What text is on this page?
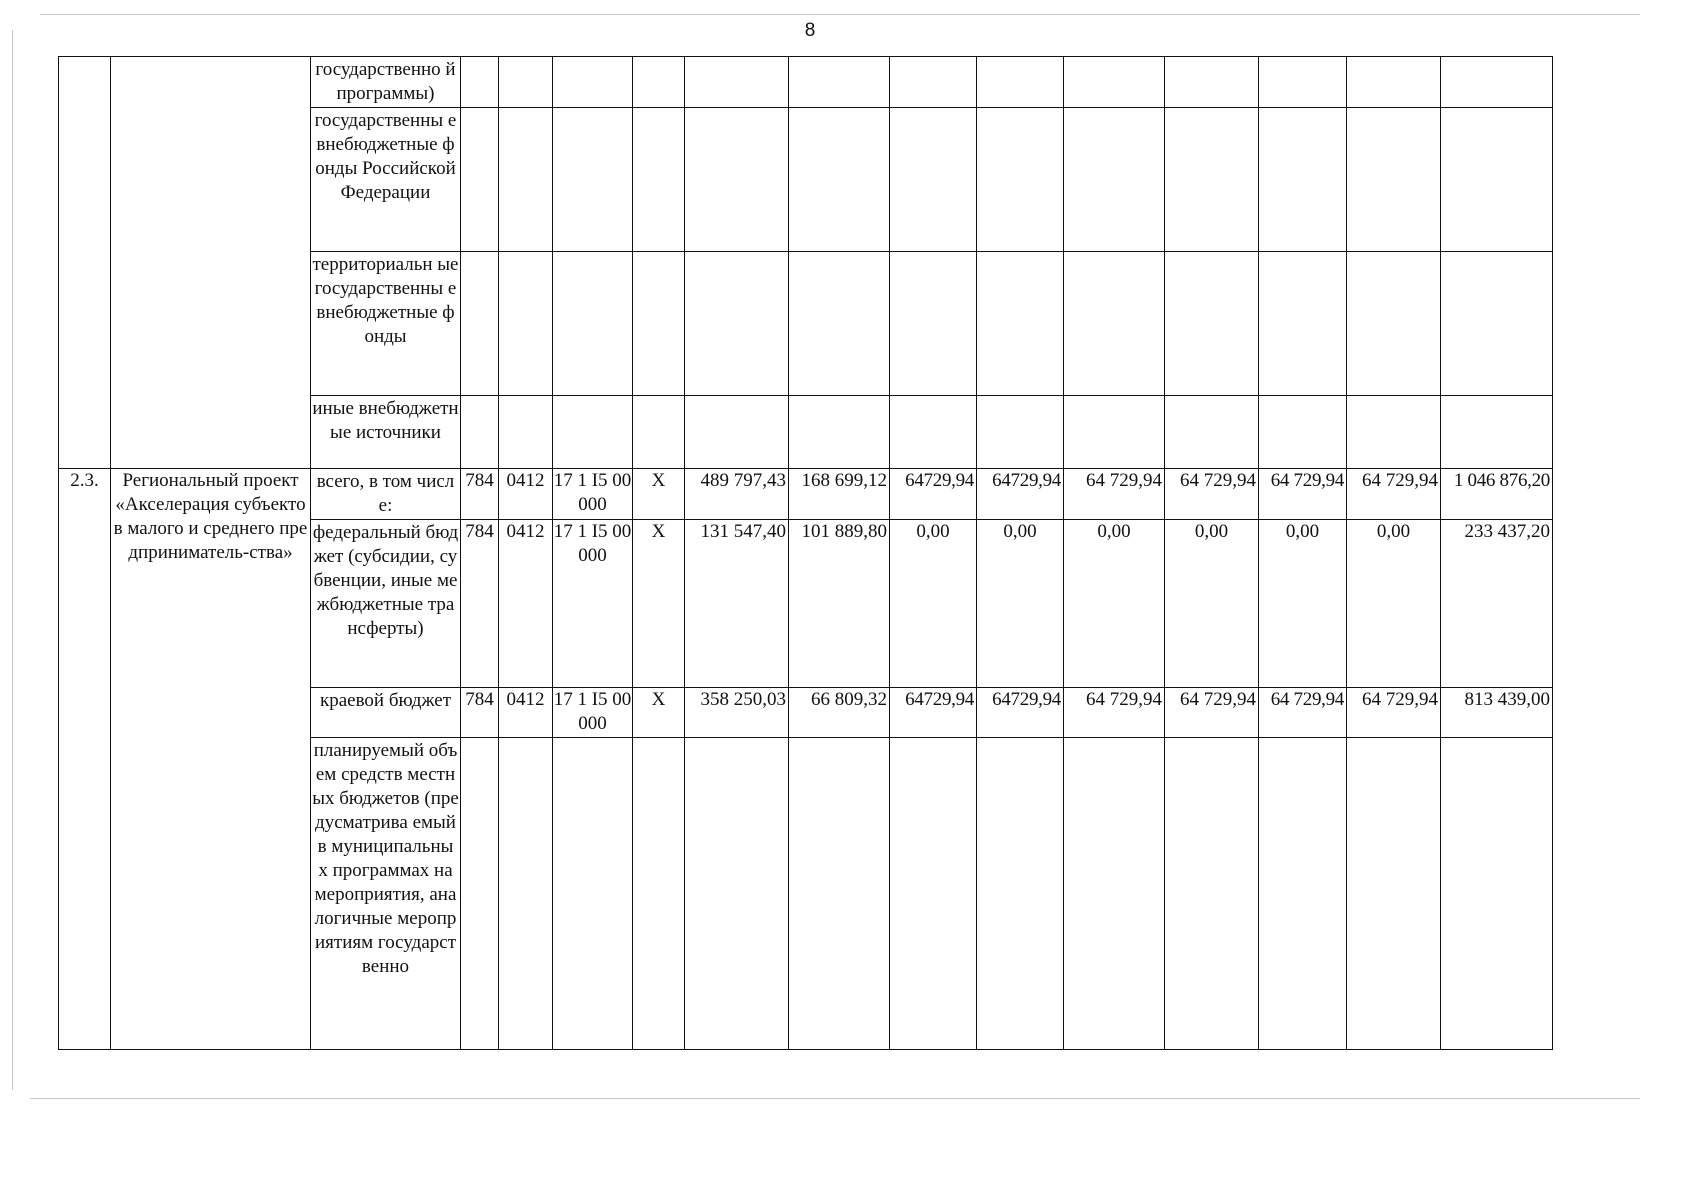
8
		государственно й программы)													
		государственны е внебюджетные фонды Российской Федерации													
		территориальн ые государственны е внебюджетные фонды													
		иные внебюджетные источники													
2.3.	Региональный проект «Акселерация субъектов малого и среднего предприниматель-ства»	всего, в том числе:	784	0412	17 1 I5 00000	X	489 797,43	168 699,12	64729,94	64729,94	64 729,94	64 729,94	64 729,94	64 729,94	1 046 876,20
		федеральный бюджет (субсидии, субвенции, иные межбюджетные трансферты)	784	0412	17 1 I5 00000	X	131 547,40	101 889,80	0,00	0,00	0,00	0,00	0,00	0,00	233 437,20
		краевой бюджет	784	0412	17 1 I5 00000	X	358 250,03	66 809,32	64729,94	64729,94	64 729,94	64 729,94	64 729,94	64 729,94	813 439,00
		планируемый объем средств местных бюджетов (предусматрива емый в муниципальны х программах на мероприятия, аналогичные мероприятиям государственно													
